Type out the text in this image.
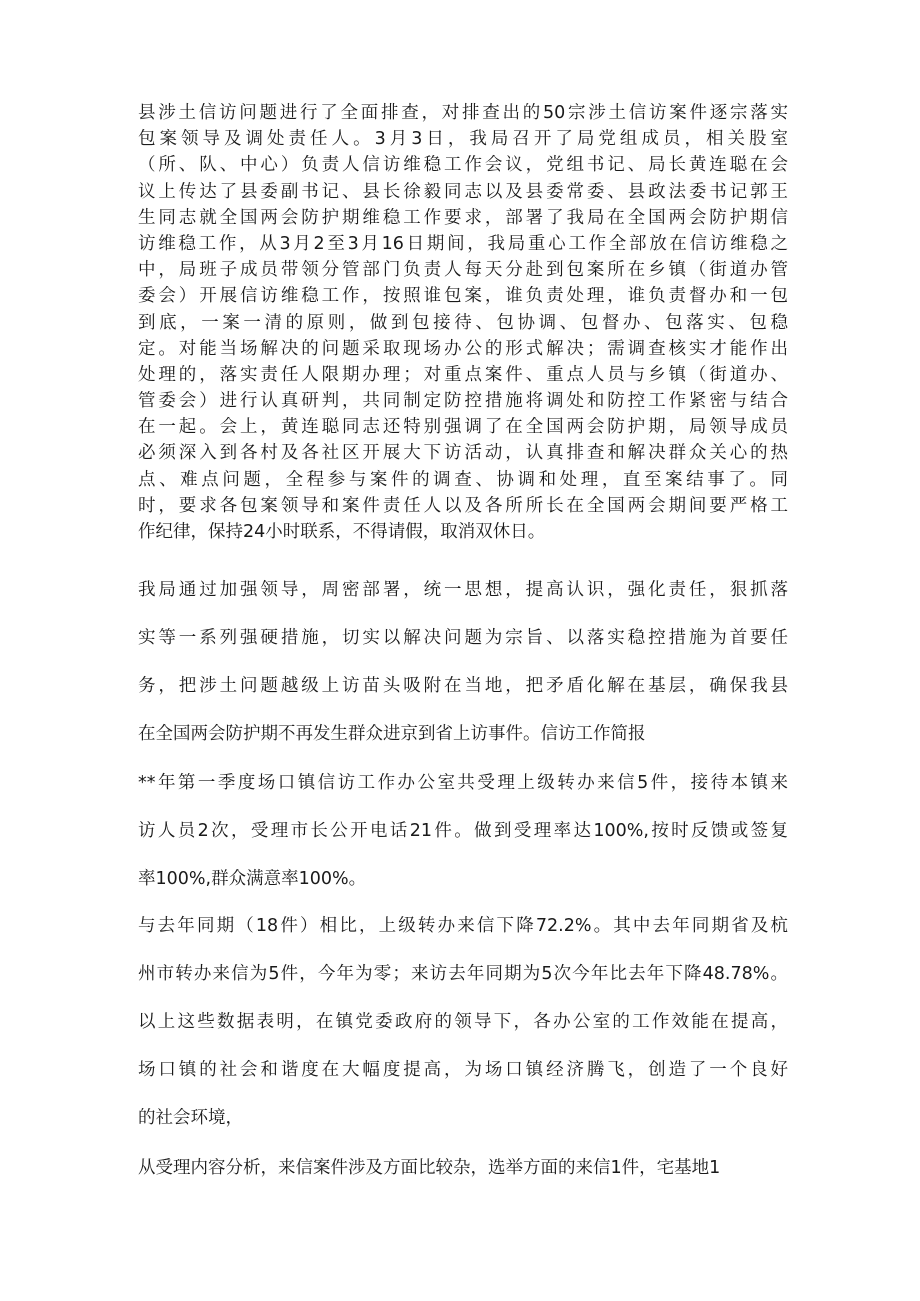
县涉土信访问题进行了全面排查，对排查出的50宗涉土信访案件逐宗落实
包案领导及调处责任人。3月3日，我局召开了局党组成员，相关股室
（所、队、中心）负责人信访维稳工作会议，党组书记、局长黄连聪在会
议上传达了县委副书记、县长徐毅同志以及县委常委、县政法委书记郭王
生同志就全国两会防护期维稳工作要求，部署了我局在全国两会防护期信
访维稳工作，从3月2至3月16日期间，我局重心工作全部放在信访维稳之
中，局班子成员带领分管部门负责人每天分赴到包案所在乡镇（街道办管
委会）开展信访维稳工作，按照谁包案，谁负责处理，谁负责督办和一包
到底，一案一清的原则，做到包接待、包协调、包督办、包落实、包稳
定。对能当场解决的问题采取现场办公的形式解决；需调查核实才能作出
处理的，落实责任人限期办理；对重点案件、重点人员与乡镇（街道办、
管委会）进行认真研判，共同制定防控措施将调处和防控工作紧密与结合
在一起。会上，黄连聪同志还特别强调了在全国两会防护期，局领导成员
必须深入到各村及各社区开展大下访活动，认真排查和解决群众关心的热
点、难点问题，全程参与案件的调查、协调和处理，直至案结事了。同
时，要求各包案领导和案件责任人以及各所所长在全国两会期间要严格工
作纪律，保持24小时联系，不得请假，取消双休日。
我局通过加强领导，周密部署，统一思想，提高认识，强化责任，狠抓落
实等一系列强硬措施，切实以解决问题为宗旨、以落实稳控措施为首要任
务，把涉土问题越级上访苗头吸附在当地，把矛盾化解在基层，确保我县
在全国两会防护期不再发生群众进京到省上访事件。信访工作简报
**年第一季度场口镇信访工作办公室共受理上级转办来信5件，接待本镇来
访人员2次，受理市长公开电话21件。做到受理率达100%,按时反馈或签复
率100%,群众满意率100%。
与去年同期（18件）相比，上级转办来信下降72.2%。其中去年同期省及杭
州市转办来信为5件，今年为零；来访去年同期为5次今年比去年下降48.78%。
以上这些数据表明，在镇党委政府的领导下，各办公室的工作效能在提高，
场口镇的社会和谐度在大幅度提高，为场口镇经济腾飞，创造了一个良好
的社会环境，
从受理内容分析，来信案件涉及方面比较杂，选举方面的来信1件，宅基地1
